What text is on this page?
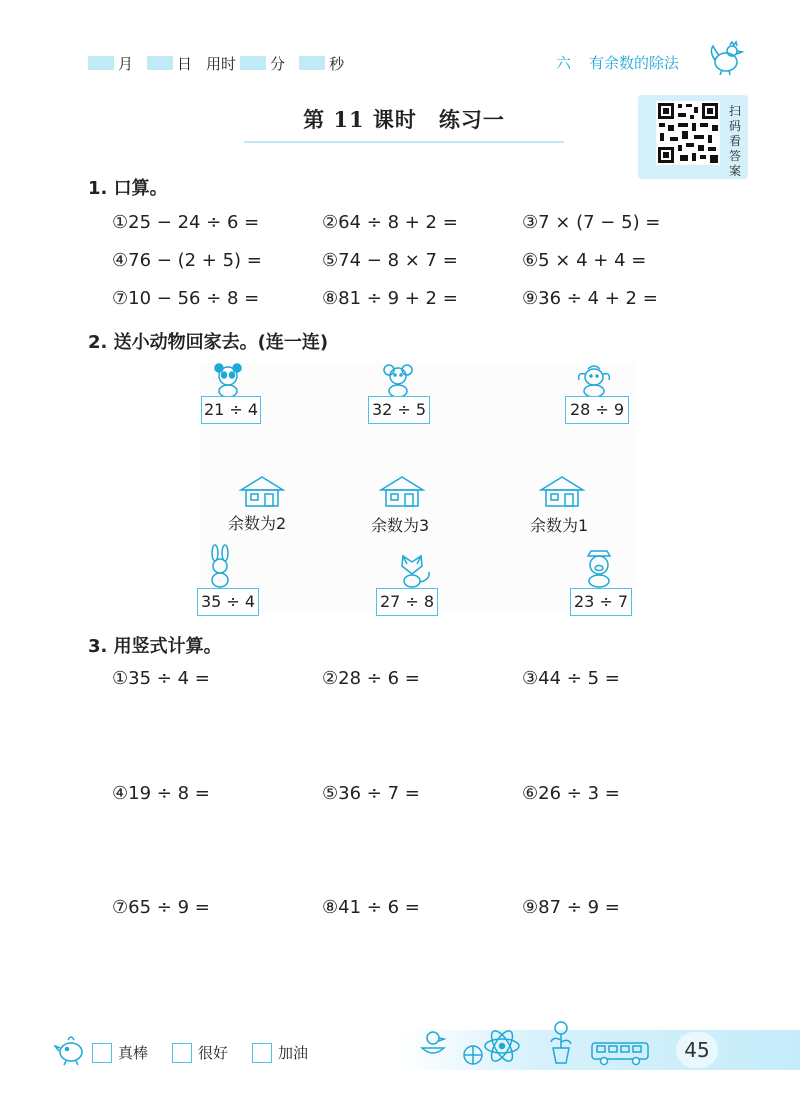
月	日 用时 分	秒	六 有余数的除法
第 11 课时　练习一	扫
码
看
答
案
1. 口算。
①25 − 24 ÷ 6 =	②64 ÷ 8 + 2 =	③7 × (7 − 5) =
④76 − (2 + 5) =	⑤74 − 8 × 7 =	⑥5 × 4 + 4 =
⑦10 − 56 ÷ 8 =	⑧81 ÷ 9 + 2 =	⑨36 ÷ 4 + 2 =
2. 送小动物回家去。(连一连)
21 ÷ 4	32 ÷ 5	28 ÷ 9
余数为2	余数为3	余数为1
35 ÷ 4	27 ÷ 8	23 ÷ 7
3. 用竖式计算。
①35 ÷ 4 =	②28 ÷ 6 =	③44 ÷ 5 =
④19 ÷ 8 =	⑤36 ÷ 7 =	⑥26 ÷ 3 =
⑦65 ÷ 9 =	⑧41 ÷ 6 =	⑨87 ÷ 9 =
真棒	很好	加油	45
